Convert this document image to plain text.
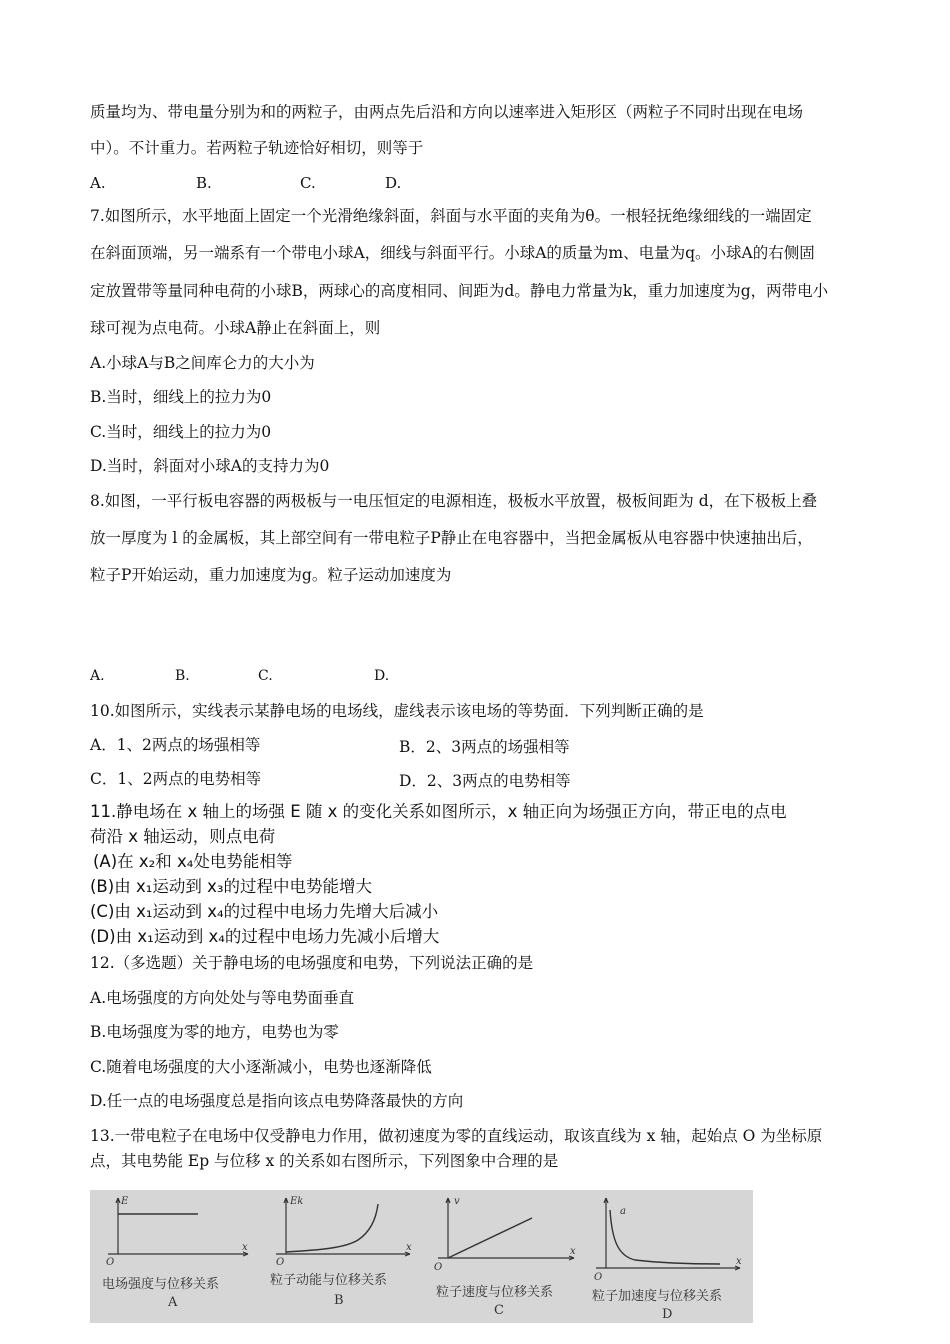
质量均为、带电量分别为和的两粒子，由两点先后沿和方向以速率进入矩形区（两粒子不同时出现在电场
中）。不计重力。若两粒子轨迹恰好相切，则等于
A.	B.	C.	D.
7.如图所示，水平地面上固定一个光滑绝缘斜面，斜面与水平面的夹角为θ。一根轻抚绝缘细线的一端固定
在斜面顶端，另一端系有一个带电小球A，细线与斜面平行。小球A的质量为m、电量为q。小球A的右侧固
定放置带等量同种电荷的小球B，两球心的高度相同、间距为d。静电力常量为k，重力加速度为g，两带电小
球可视为点电荷。小球A静止在斜面上，则
A.小球A与B之间库仑力的大小为
B.当时，细线上的拉力为0
C.当时，细线上的拉力为0
D.当时，斜面对小球A的支持力为0
8.如图，一平行板电容器的两极板与一电压恒定的电源相连，极板水平放置，极板间距为 d，在下极板上叠
放一厚度为 l 的金属板，其上部空间有一带电粒子P静止在电容器中，当把金属板从电容器中快速抽出后，
粒子P开始运动，重力加速度为g。粒子运动加速度为
A.	B.	C.	D.
10.如图所示，实线表示某静电场的电场线，虚线表示该电场的等势面．下列判断正确的是
A．1、2两点的场强相等	B．2、3两点的场强相等
C．1、2两点的电势相等	D．2、3两点的电势相等
11.静电场在 x 轴上的场强 E 随 x 的变化关系如图所示，x 轴正向为场强正方向，带正电的点电
荷沿 x 轴运动，则点电荷
(A)在 x₂和 x₄处电势能相等
(B)由 x₁运动到 x₃的过程中电势能增大
(C)由 x₁运动到 x₄的过程中电场力先增大后减小
(D)由 x₁运动到 x₄的过程中电场力先减小后增大
12.（多选题）关于静电场的电场强度和电势，下列说法正确的是
A.电场强度的方向处处与等电势面垂直
B.电场强度为零的地方，电势也为零
C.随着电场强度的大小逐渐减小，电势也逐渐降低
D.任一点的电场强度总是指向该点电势降落最快的方向
13.一带电粒子在电场中仅受静电力作用，做初速度为零的直线运动，取该直线为 x 轴，起始点 O 为坐标原
点，其电势能 Ep 与位移 x 的关系如右图所示，下列图象中合理的是
E
x
O
电场强度与位移关系
A
Ek
x
O
粒子动能与位移关系
B
v
x
O
粒子速度与位移关系
C
a
x
O
粒子加速度与位移关系
D
